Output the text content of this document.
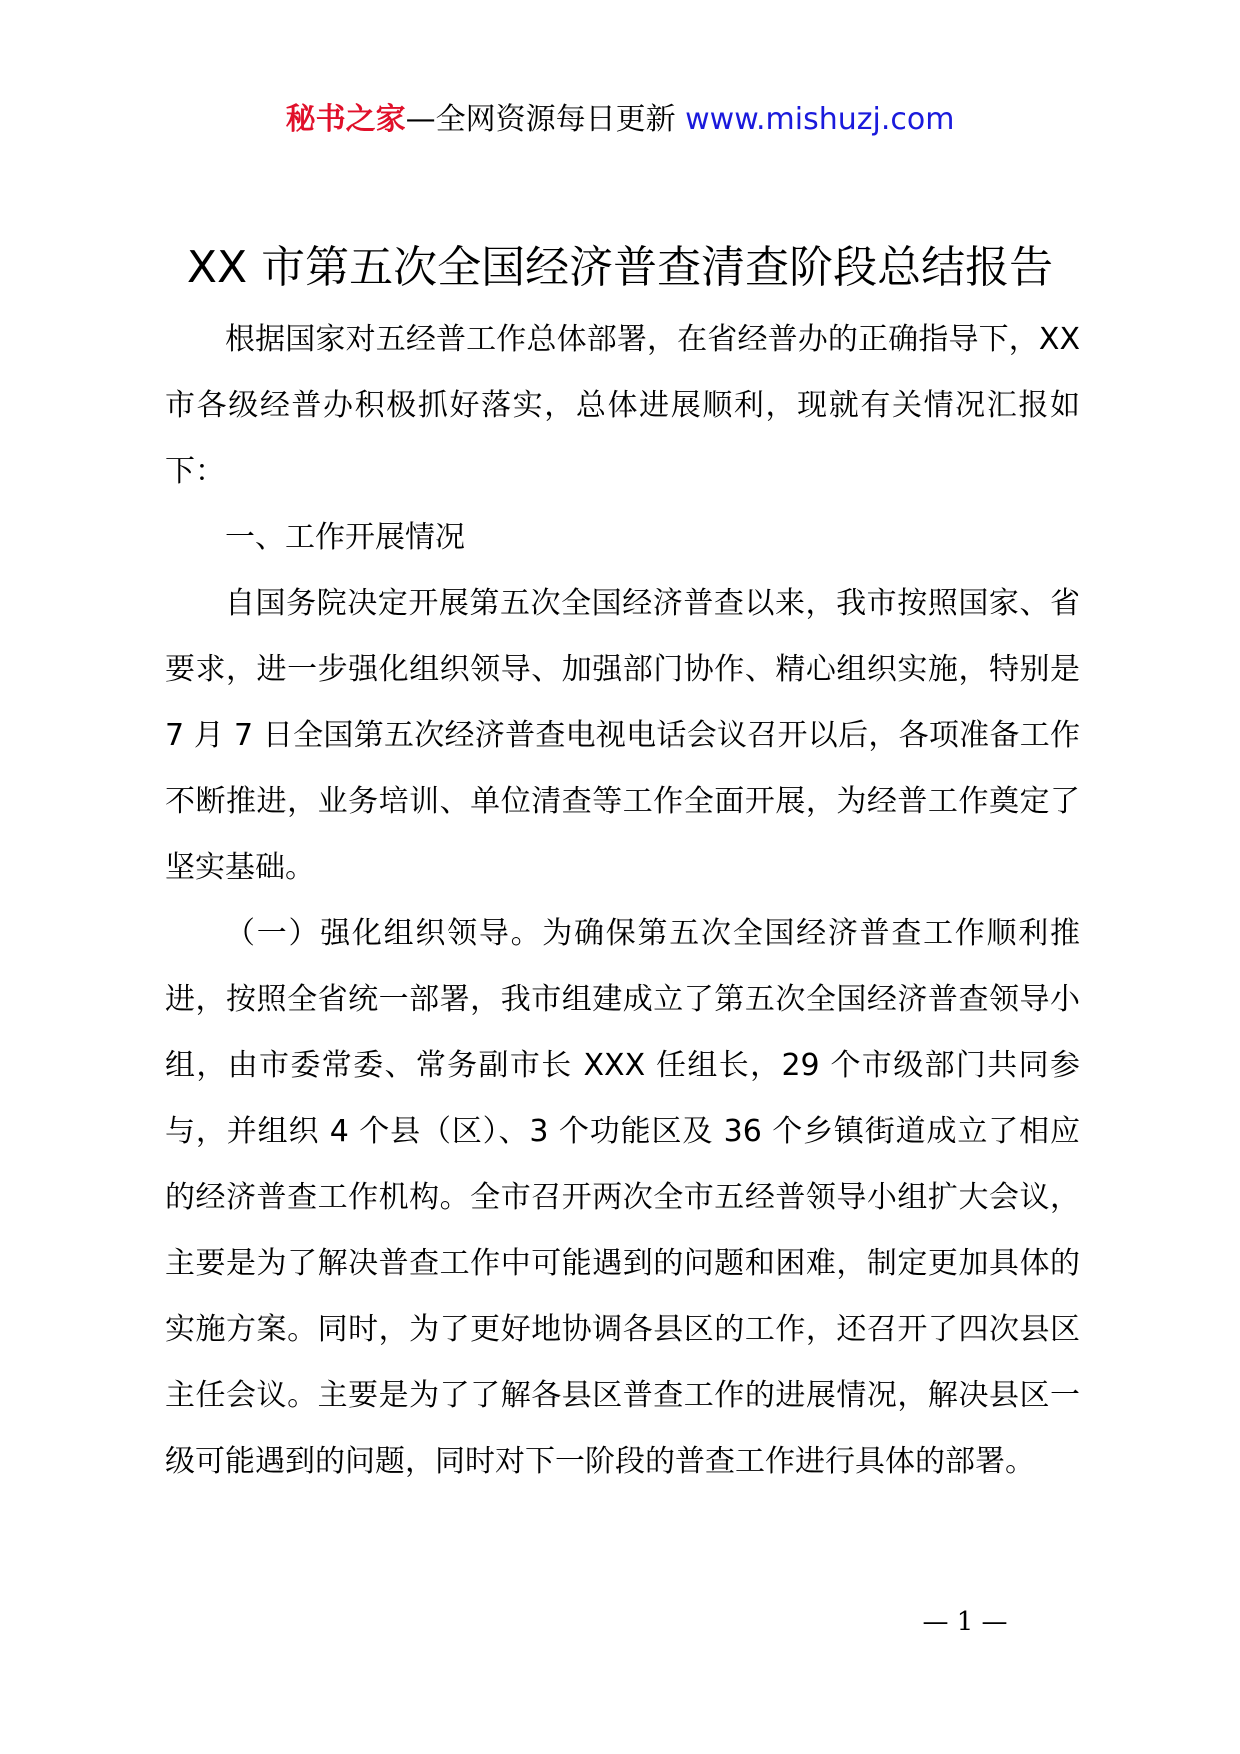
秘书之家—全网资源每日更新 www.mishuzj.com
XX 市第五次全国经济普查清查阶段总结报告

根据国家对五经普工作总体部署，在省经普办的正确指导下，XX 市各级经普办积极抓好落实，总体进展顺利，现就有关情况汇报如下：

一、工作开展情况

自国务院决定开展第五次全国经济普查以来，我市按照国家、省要求，进一步强化组织领导、加强部门协作、精心组织实施，特别是 7 月 7 日全国第五次经济普查电视电话会议召开以后，各项准备工作不断推进，业务培训、单位清查等工作全面开展，为经普工作奠定了坚实基础。

（一）强化组织领导。为确保第五次全国经济普查工作顺利推进，按照全省统一部署，我市组建成立了第五次全国经济普查领导小组，由市委常委、常务副市长 XXX 任组长，29 个市级部门共同参与，并组织 4 个县（区）、3 个功能区及 36 个乡镇街道成立了相应的经济普查工作机构。全市召开两次全市五经普领导小组扩大会议，主要是为了解决普查工作中可能遇到的问题和困难，制定更加具体的实施方案。同时，为了更好地协调各县区的工作，还召开了四次县区主任会议。主要是为了了解各县区普查工作的进展情况，解决县区一级可能遇到的问题，同时对下一阶段的普查工作进行具体的部署。

— 1 —
